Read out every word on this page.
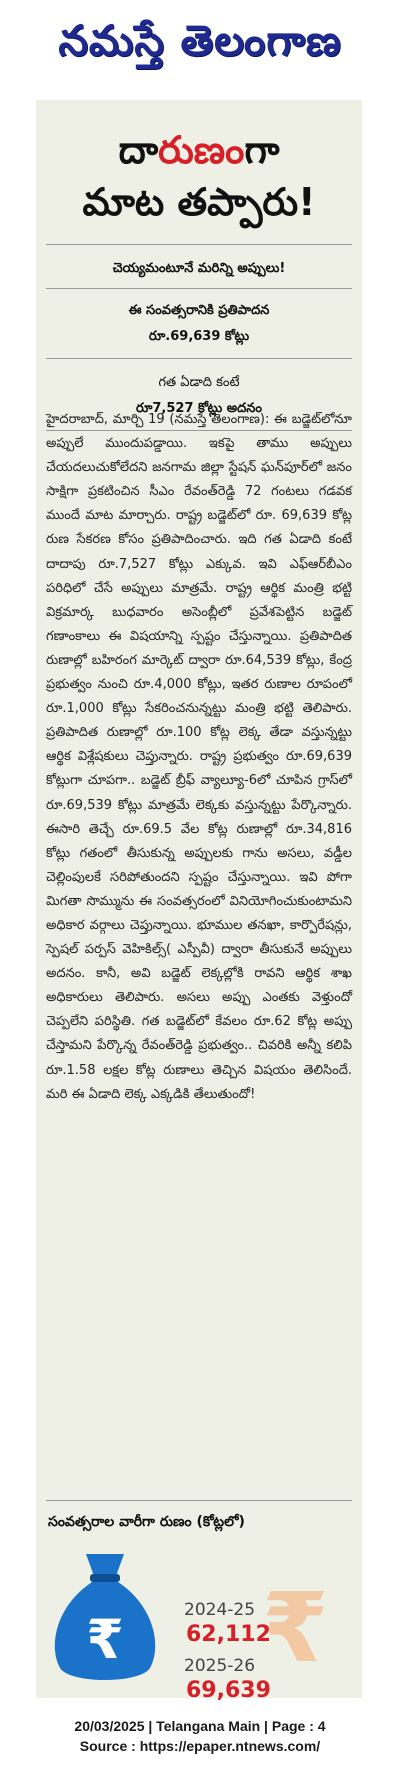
నమస్తే తెలంగాణ
దారుణంగా
మాట తప్పారు!
చెయ్యమంటూనే మరిన్ని అప్పులు!
ఈ సంవత్సరానికి ప్రతిపాదన
రూ.69,639 కోట్లు
గత ఏడాది కంటే
రూ7,527 కోట్లు అదనం
హైదరాబాద్, మార్చి 19 (నమస్తే తెలంగాణ): ఈ బడ్జెట్‌లోనూ అప్పులే ముందుపడ్డాయి. ఇకపై తాము అప్పులు చేయదలుచుకోలేదని జనగామ జిల్లా స్టేషన్ ఘన్‌పూర్‌లో జనం సాక్షిగా ప్రకటించిన సీఎం రేవంత్‌రెడ్డి 72 గంటలు గడవక ముందే మాట మార్చారు. రాష్ట్ర బడ్జెట్‌లో రూ. 69,639 కోట్ల రుణ సేకరణ కోసం ప్రతిపాదించారు. ఇది గత ఏడాది కంటే దాదాపు రూ.7,527 కోట్లు ఎక్కువ. ఇవి ఎఫ్‌ఆర్‌బీఎం పరిధిలో చేసే అప్పులు మాత్రమే. రాష్ట్ర ఆర్థిక మంత్రి భట్టి విక్రమార్క బుధవారం అసెంబ్లీలో ప్రవేశపెట్టిన బడ్జెట్ గణాంకాలు ఈ విషయాన్ని స్పష్టం చేస్తున్నాయి. ప్రతిపాదిత రుణాల్లో బహిరంగ మార్కెట్ ద్వారా రూ.64,539 కోట్లు, కేంద్ర ప్రభుత్వం నుంచి రూ.4,000 కోట్లు, ఇతర రుణాల రూపంలో రూ.1,000 కోట్లు సేకరించనున్నట్టు మంత్రి భట్టి తెలిపారు. ప్రతిపాదిత రుణాల్లో రూ.100 కోట్ల లెక్క తేడా వస్తున్నట్టు ఆర్థిక విశ్లేషకులు చెప్తున్నారు. రాష్ట్ర ప్రభుత్వం రూ.69,639 కోట్లుగా చూపగా.. బడ్జెట్ బ్రీఫ్ వ్యాల్యూ-6లో చూపిన గ్రాస్‌లో రూ.69,539 కోట్లు మాత్రమే లెక్కకు వస్తున్నట్టు పేర్కొన్నారు. ఈసారి తెచ్చే రూ.69.5 వేల కోట్ల రుణాల్లో రూ.34,816 కోట్లు గతంలో తీసుకున్న అప్పులకు గాను అసలు, వడ్డీల చెల్లింపులకే సరిపోతుందని స్పష్టం చేస్తున్నాయి. ఇవి పోగా మిగతా సొమ్మును ఈ సంవత్సరంలో వినియోగించుకుంటామని అధికార వర్గాలు చెప్తున్నాయి. భూముల తనఖా, కార్పొరేషన్లు, స్పెషల్ పర్పస్ వెహికిల్స్( ఎస్పీవీ) ద్వారా తీసుకునే అప్పులు అదనం. కానీ, అవి బడ్జెట్ లెక్కల్లోకి రావని ఆర్థిక శాఖ అధికారులు తెలిపారు. అసలు అప్పు ఎంతకు వెళ్తుందో చెప్పలేని పరిస్థితి. గత బడ్జెట్‌లో కేవలం రూ.62 కోట్ల అప్పు చేస్తామని పేర్కొన్న రేవంత్‌రెడ్డి ప్రభుత్వం.. చివరికి అన్నీ కలిపి రూ.1.58 లక్షల కోట్ల రుణాలు తెచ్చిన విషయం తెలిసిందే. మరి ఈ ఏడాది లెక్క ఎక్కడికి తేలుతుందో!
సంవత్సరాల వారీగా రుణం (కోట్లలో)
₹
₹	2024-25
62,112
2025-26
69,639
20/03/2025 | Telangana Main | Page : 4
Source : https://epaper.ntnews.com/
